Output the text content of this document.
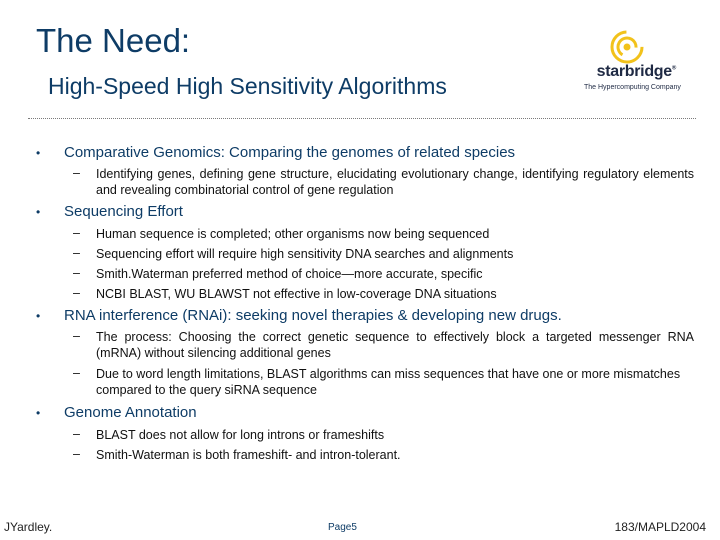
The Need:
High-Speed High Sensitivity Algorithms
starbridge®
The Hypercomputing Company
• Comparative Genomics: Comparing the genomes of related species
– Identifying genes, defining gene structure, elucidating evolutionary change, identifying regulatory elements and revealing combinatorial control of gene regulation
• Sequencing Effort
– Human sequence is completed; other organisms now being sequenced
– Sequencing effort will require high sensitivity DNA searches and alignments
– Smith.Waterman preferred method of choice—more accurate, specific
– NCBI BLAST, WU BLAWST not effective in low-coverage DNA situations
• RNA interference (RNAi): seeking novel therapies & developing new drugs.
– The process: Choosing the correct genetic sequence to effectively block a targeted messenger RNA (mRNA) without silencing additional genes
– Due to word length limitations, BLAST algorithms can miss sequences that have one or more mismatches compared to the query siRNA sequence
• Genome Annotation
– BLAST does not allow for long introns or frameshifts
– Smith-Waterman is both frameshift- and intron-tolerant.
JYardley.	Page5	183/MAPLD2004
